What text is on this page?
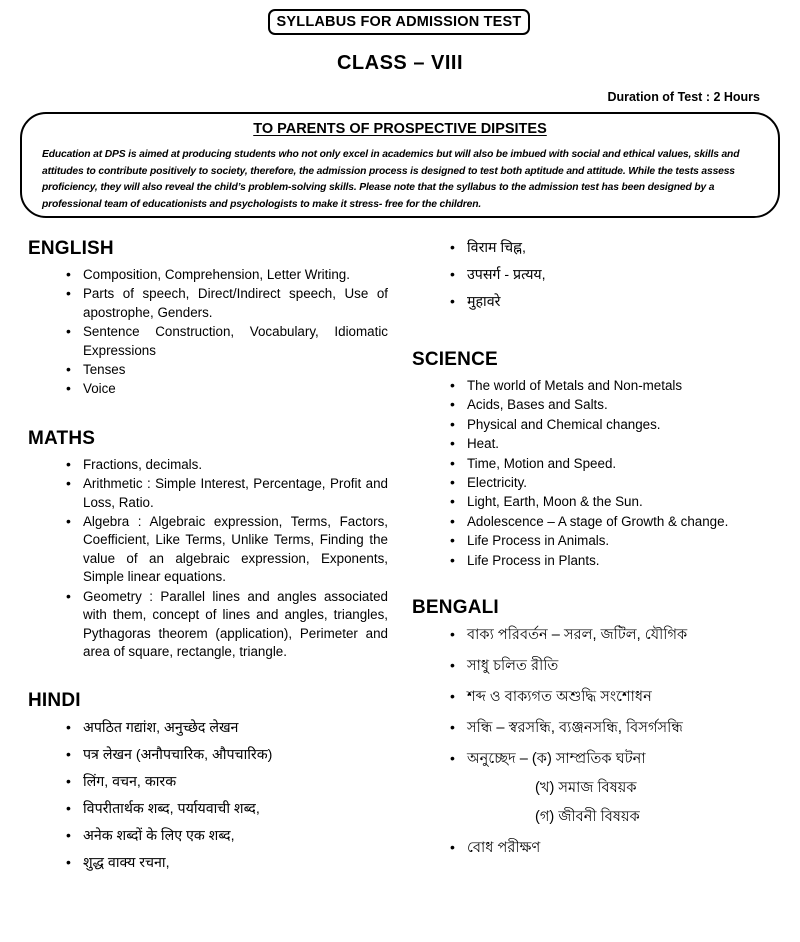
SYLLABUS FOR ADMISSION TEST
CLASS – VIII
Duration of Test : 2 Hours
TO PARENTS OF PROSPECTIVE DIPSITES
Education at DPS is aimed at producing students who not only excel in academics but will also be imbued with social and ethical values, skills and attitudes to contribute positively to society, therefore, the admission process is designed to test both aptitude and attitude. While the tests assess proficiency, they will also reveal the child’s problem-solving skills. Please note that the syllabus to the admission test has been designed by a professional team of educationists and psychologists to make it stress- free for the children.
ENGLISH
• Composition, Comprehension, Letter Writing.
• Parts of speech, Direct/Indirect speech, Use of apostrophe, Genders.
• Sentence Construction, Vocabulary, Idiomatic Expressions
• Tenses
• Voice
MATHS
• Fractions, decimals.
• Arithmetic : Simple Interest, Percentage, Profit and Loss, Ratio.
• Algebra : Algebraic expression, Terms, Factors, Coefficient, Like Terms, Unlike Terms, Finding the value of an algebraic expression, Exponents, Simple linear equations.
• Geometry : Parallel lines and angles associated with them, concept of lines and angles, triangles, Pythagoras theorem (application), Perimeter and area of square, rectangle, triangle.
HINDI
• अपठित गद्यांश, अनुच्छेद लेखन
• पत्र लेखन (अनौपचारिक, औपचारिक)
• लिंग, वचन, कारक
• विपरीतार्थक शब्द, पर्यायवाची शब्द,
• अनेक शब्दों के लिए एक शब्द,
• शुद्ध वाक्य रचना,
• विराम चिह्न,
• उपसर्ग - प्रत्यय,
• मुहावरे
SCIENCE
• The world of Metals and Non-metals
• Acids, Bases and Salts.
• Physical and Chemical changes.
• Heat.
• Time, Motion and Speed.
• Electricity.
• Light, Earth, Moon & the Sun.
• Adolescence – A stage of Growth & change.
• Life Process in Animals.
• Life Process in Plants.
BENGALI
• বাক্য পরিবর্তন – সরল, জটিল, যৌগিক
• সাধু চলিত রীতি
• শব্দ ও বাক্যগত অশুদ্ধি সংশোধন
• সন্ধি – স্বরসন্ধি, ব্যঞ্জনসন্ধি, বিসর্গসন্ধি
• অনুচ্ছেদ – (ক) সাম্প্রতিক ঘটনা
(খ) সমাজ বিষয়ক
(গ) জীবনী বিষয়ক
• বোধ পরীক্ষণ
